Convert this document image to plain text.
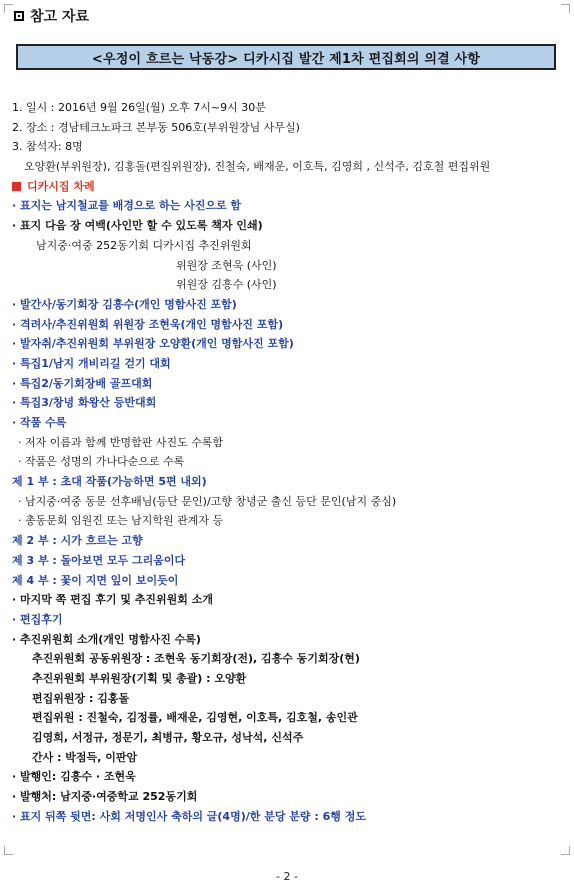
참고 자료
<우정이 흐르는 낙동강> 디카시집 발간 제1차 편집회의 의결 사항
1. 일시 : 2016년 9월 26일(월) 오후 7시~9시 30분
2. 장소 : 경남테크노파크 본부동 506호(부위원장님 사무실)
3. 참석자: 8명
오양환(부위원장), 김홍돌(편집위원장), 진철숙, 배재운, 이호특, 김영희 , 신석주, 김호철 편집위원
디카시집 차례
· 표지는 남지철교를 배경으로 하는 사진으로 함
· 표지 다음 장 여백(사인만 할 수 있도록 책자 인쇄)
남지중·여중 252동기회 디카시집 추진위원회
위원장 조현욱 (사인)
위원장 김흥수 (사인)
· 발간사/동기회장 김흥수(개인 명함사진 포함)
· 격려사/추진위원회 위원장 조현욱(개인 명함사진 포함)
· 발자취/추진위원회 부위원장 오양환(개인 명함사진 포함)
· 특집1/남지 개비리길 걷기 대회
· 특집2/동기회장배 골프대회
· 특집3/창녕 화왕산 등반대회
· 작품 수록
· 저자 이름과 함께 반명함판 사진도 수록함
· 작품은 성명의 가나다순으로 수록
제 1 부 : 초대 작품(가능하면 5편 내외)
· 남지중·여중 동문 선후배님(등단 문인)/고향 창녕군 출신 등단 문인(남지 중심)
· 총동문회 임원진 또는 남지학원 관계자 등
제 2 부 : 시가 흐르는 고향
제 3 부 : 돌아보면 모두 그리움이다
제 4 부 : 꽃이 지면 잎이 보이듯이
· 마지막 쪽 편집 후기 및 추진위원회 소개
· 편집후기
· 추진위원회 소개(개인 명함사진 수록)
추진위원회 공동위원장 : 조현욱 동기회장(전), 김흥수 동기회장(현)
추진위원회 부위원장(기획 및 총괄) : 오양환
편집위원장 : 김홍돌
편집위원 : 진철숙, 김정률, 배재운, 김영현, 이호특, 김호철, 송인관
김영희, 서정규, 정문기, 최병규, 황오규, 성낙석, 신석주
간사 : 박점득, 이판암
· 발행인: 김흥수 · 조현욱
· 발행처: 남지중·여중학교 252동기회
· 표지 뒤쪽 뒷면: 사회 저명인사 축하의 글(4명)/한 분당 분량 : 6행 정도
- 2 -
